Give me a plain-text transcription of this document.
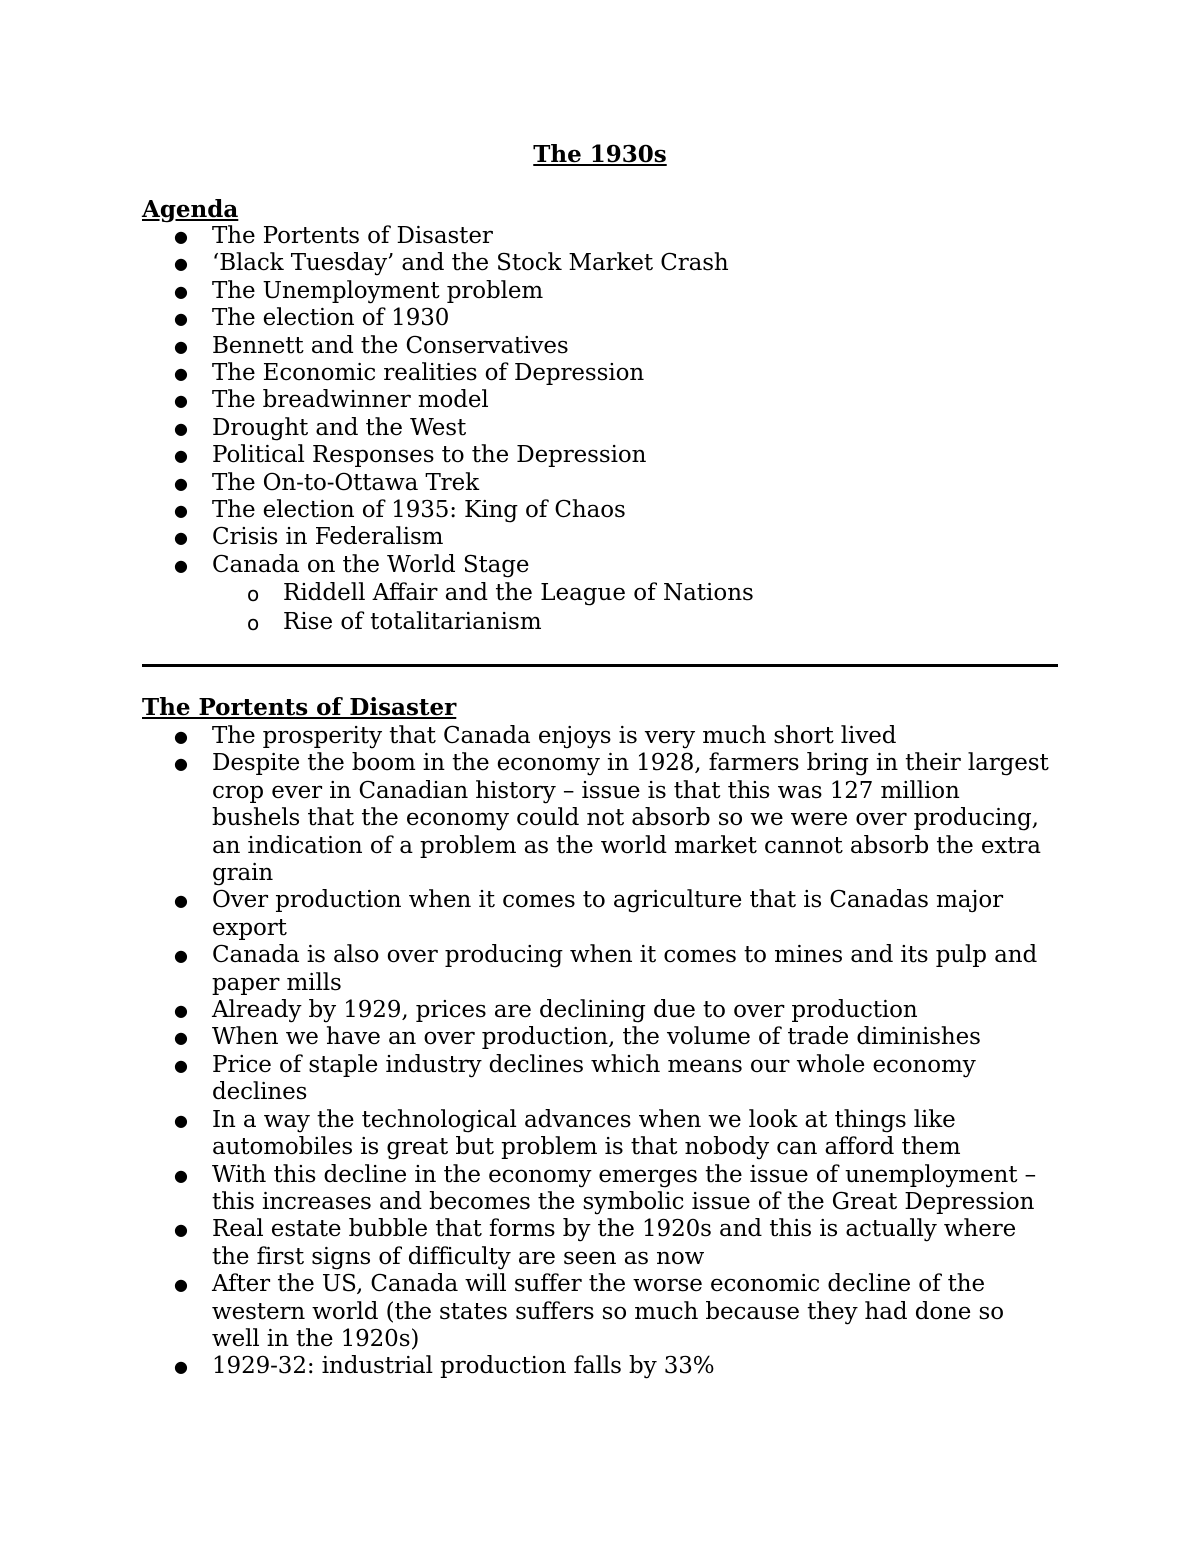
The 1930s
Agenda
● The Portents of Disaster
● ‘Black Tuesday’ and the Stock Market Crash
● The Unemployment problem
● The election of 1930
● Bennett and the Conservatives
● The Economic realities of Depression
● The breadwinner model
● Drought and the West
● Political Responses to the Depression
● The On-to-Ottawa Trek
● The election of 1935: King of Chaos
● Crisis in Federalism
● Canada on the World Stage
o Riddell Affair and the League of Nations
o Rise of totalitarianism
The Portents of Disaster
● The prosperity that Canada enjoys is very much short lived
● Despite the boom in the economy in 1928, farmers bring in their largest crop ever in Canadian history – issue is that this was 127 million bushels that the economy could not absorb so we were over producing, an indication of a problem as the world market cannot absorb the extra grain
● Over production when it comes to agriculture that is Canadas major export
● Canada is also over producing when it comes to mines and its pulp and paper mills
● Already by 1929, prices are declining due to over production
● When we have an over production, the volume of trade diminishes
● Price of staple industry declines which means our whole economy declines
● In a way the technological advances when we look at things like automobiles is great but problem is that nobody can afford them
● With this decline in the economy emerges the issue of unemployment – this increases and becomes the symbolic issue of the Great Depression
● Real estate bubble that forms by the 1920s and this is actually where the first signs of difficulty are seen as now
● After the US, Canada will suffer the worse economic decline of the western world (the states suffers so much because they had done so well in the 1920s)
● 1929-32: industrial production falls by 33%
